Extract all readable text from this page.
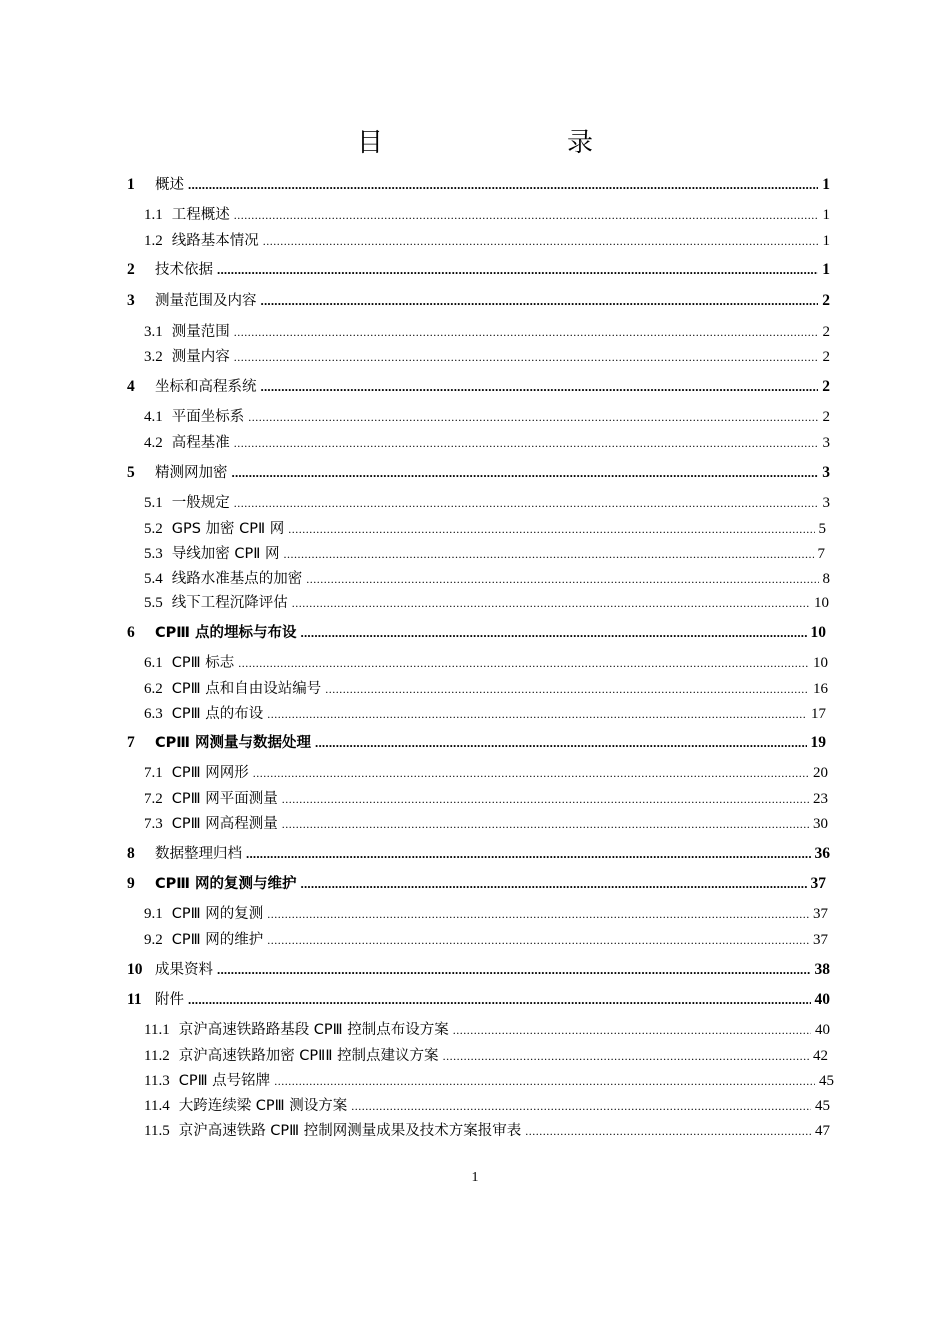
目　　录
1	概述 .....	1
1.1 工程概述 .....	1
1.2 线路基本情况 .....	1
2	技术依据 .....	1
3	测量范围及内容 .....	2
3.1 测量范围 .....	2
3.2 测量内容 .....	2
4	坐标和高程系统 .....	2
4.1 平面坐标系 .....	2
4.2 高程基准 .....	3
5	精测网加密 .....	3
5.1 一般规定 .....	3
5.2 GPS 加密 CPⅡ 网 .....	5
5.3 导线加密 CPⅡ 网 .....	7
5.4 线路水准基点的加密 .....	8
5.5 线下工程沉降评估 .....	10
6	CPⅢ 点的埋标与布设 .....	10
6.1 CPⅢ 标志 .....	10
6.2 CPⅢ 点和自由设站编号 .....	16
6.3 CPⅢ 点的布设 .....	17
7	CPⅢ 网测量与数据处理 .....	19
7.1 CPⅢ 网网形 .....	20
7.2 CPⅢ 网平面测量 .....	23
7.3 CPⅢ 网高程测量 .....	30
8	数据整理归档 .....	36
9	CPⅢ 网的复测与维护 .....	37
9.1 CPⅢ 网的复测 .....	37
9.2 CPⅢ 网的维护 .....	37
10 成果资料 .....	38
11 附件 .....	40
11.1 京沪高速铁路路基段 CPⅢ 控制点布设方案 .....	40
11.2 京沪高速铁路加密 CPⅡⅡ 控制点建议方案 .....	42
11.3 CPⅢ 点号铭牌 .....	45
11.4 大跨连续梁 CPⅢ 测设方案 .....	45
11.5 京沪高速铁路 CPⅢ 控制网测量成果及技术方案报审表 .....	47
1
